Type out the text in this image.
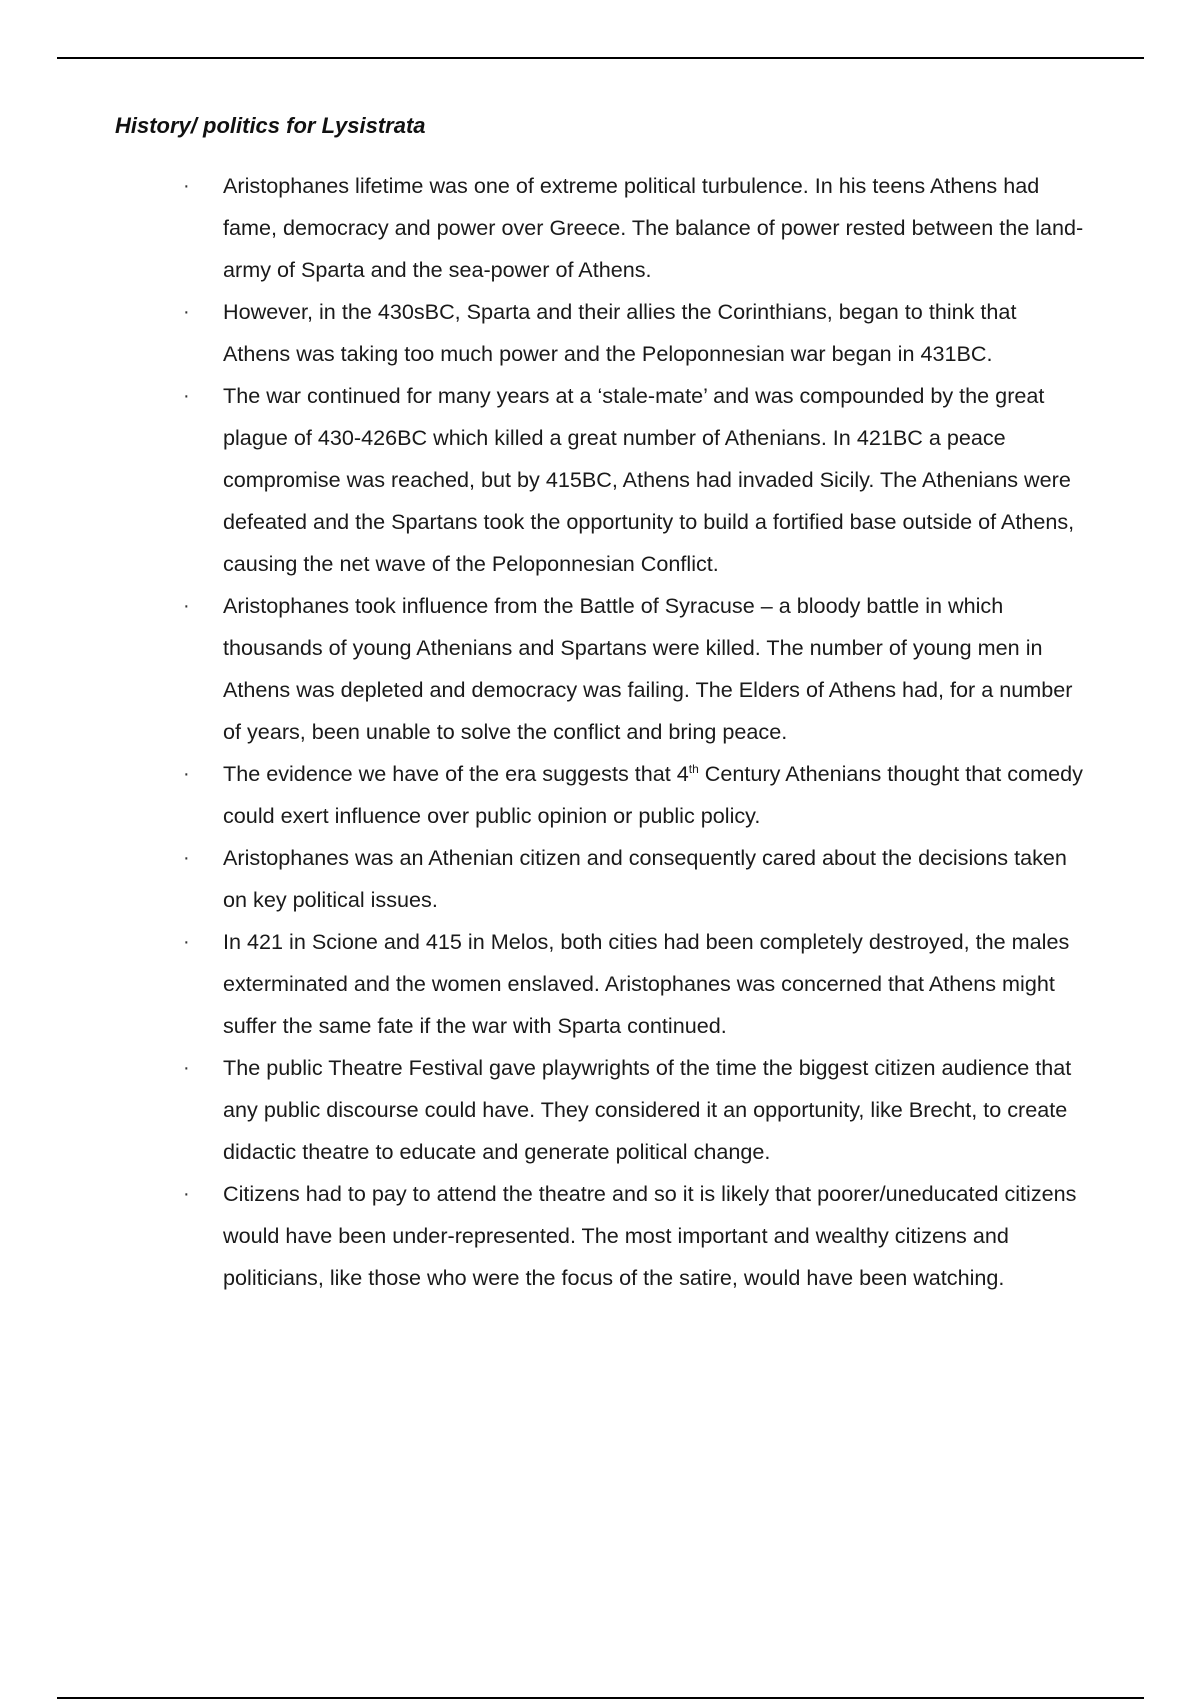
History/ politics for Lysistrata
·	Aristophanes lifetime was one of extreme political turbulence. In his teens Athens had fame, democracy and power over Greece. The balance of power rested between the land-army of Sparta and the sea-power of Athens.
·	However, in the 430sBC, Sparta and their allies the Corinthians, began to think that Athens was taking too much power and the Peloponnesian war began in 431BC.
·	The war continued for many years at a ‘stale-mate’ and was compounded by the great plague of 430-426BC which killed a great number of Athenians. In 421BC a peace compromise was reached, but by 415BC, Athens had invaded Sicily. The Athenians were defeated and the Spartans took the opportunity to build a fortified base outside of Athens, causing the net wave of the Peloponnesian Conflict.
·	Aristophanes took influence from the Battle of Syracuse – a bloody battle in which thousands of young Athenians and Spartans were killed. The number of young men in Athens was depleted and democracy was failing. The Elders of Athens had, for a number of years, been unable to solve the conflict and bring peace.
·	The evidence we have of the era suggests that 4th Century Athenians thought that comedy could exert influence over public opinion or public policy.
·	Aristophanes was an Athenian citizen and consequently cared about the decisions taken on key political issues.
·	In 421 in Scione and 415 in Melos, both cities had been completely destroyed, the males exterminated and the women enslaved. Aristophanes was concerned that Athens might suffer the same fate if the war with Sparta continued.
·	The public Theatre Festival gave playwrights of the time the biggest citizen audience that any public discourse could have. They considered it an opportunity, like Brecht, to create didactic theatre to educate and generate political change.
·	Citizens had to pay to attend the theatre and so it is likely that poorer/uneducated citizens would have been under-represented. The most important and wealthy citizens and politicians, like those who were the focus of the satire, would have been watching.
